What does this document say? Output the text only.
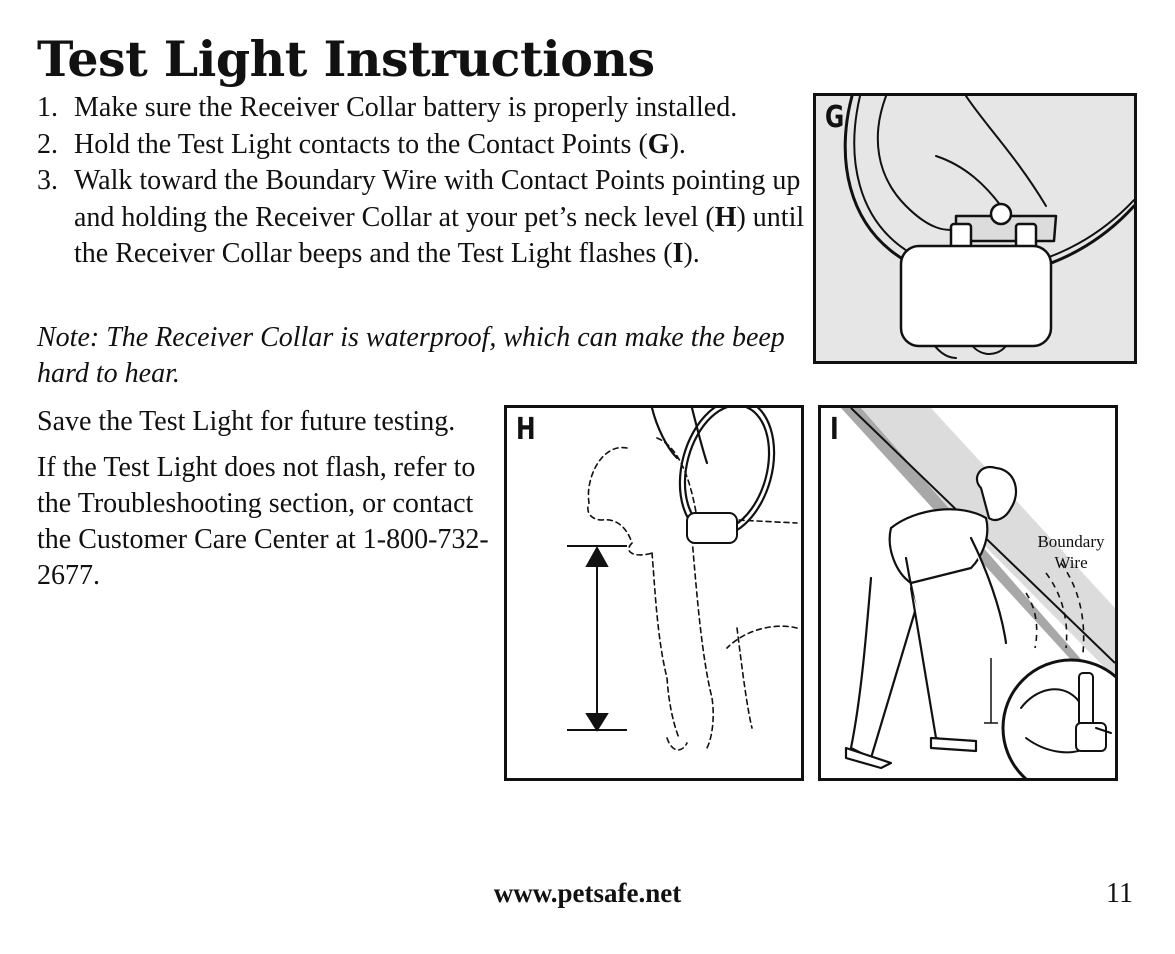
Test Light Instructions
1. Make sure the Receiver Collar battery is properly installed.
2. Hold the Test Light contacts to the Contact Points (G).
3. Walk toward the Boundary Wire with Contact Points pointing up and holding the Receiver Collar at your pet’s neck level (H) until the Receiver Collar beeps and the Test Light flashes (I).

Note: The Receiver Collar is waterproof, which can make the beep hard to hear.

Save the Test Light for future testing.

If the Test Light does not flash, refer to the Troubleshooting section, or contact the Customer Care Center at 1-800-732-2677.

G
H	I
Boundary
Wire
www.petsafe.net	11
